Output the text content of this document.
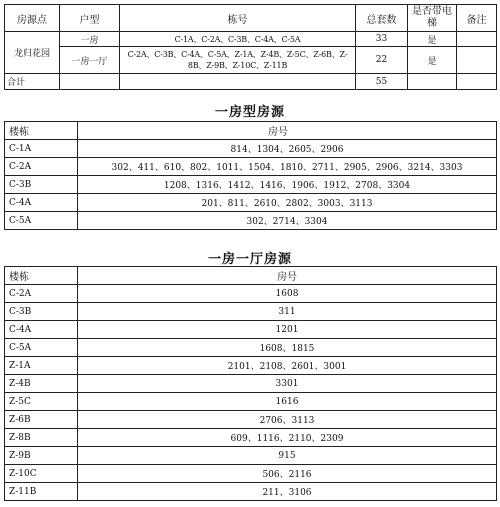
房源点	户型	栋号	总套数	是否带电梯	备注
龙归花园	一房	C-1A、C-2A、C-3B、C-4A、C-5A	33	是	
	一房一厅	C-2A、C-3B、C-4A、C-5A、Z-1A、Z-4B、Z-5C、Z-6B、Z-8B、Z-9B、Z-10C、Z-11B	22	是	
合计			55		
一房型房源
楼栋	房号
C-1A	814、1304、2605、2906
C-2A	302、411、610、802、1011、1504、1810、2711、2905、2906、3214、3303
C-3B	1208、1316、1412、1416、1906、1912、2708、3304
C-4A	201、811、2610、2802、3003、3113
C-5A	302、2714、3304
一房一厅房源
楼栋	房号
C-2A	1608
C-3B	311
C-4A	1201
C-5A	1608、1815
Z-1A	2101、2108、2601、3001
Z-4B	3301
Z-5C	1616
Z-6B	2706、3113
Z-8B	609、1116、2110、2309
Z-9B	915
Z-10C	506、2116
Z-11B	211、3106
